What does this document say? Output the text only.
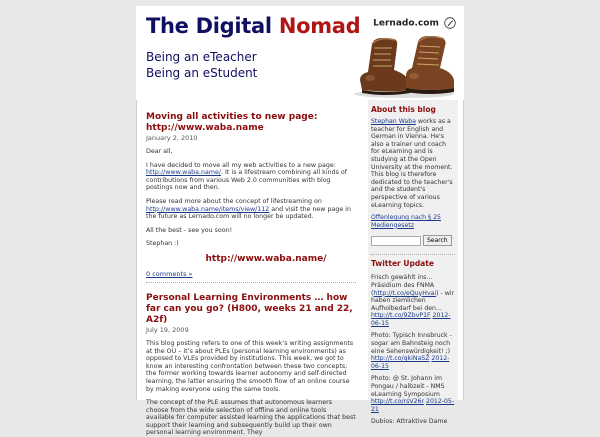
The Digital Nomad Lernado.com
Being an eTeacher
Being an eStudent
Moving all activities to new page: http://www.waba.name
January 2, 2010

Dear all,

I have decided to move all my web activities to a new page: http://www.waba.name/. It is a lifestream combining all kinds of contributions from various Web 2.0 communities with blog postings now and then.

Please read more about the concept of lifestreaming on http://www.waba.name/items/view/112 and visit the new page in the future as Lernado.com will no longer be updated.

All the best - see you soon!

Stephan :)

http://www.waba.name/
0 comments »
Personal Learning Environments … how far can you go? (H800, weeks 21 and 22, A2f)
July 19, 2009

This blog posting refers to one of this week’s writing assignments at the OU – it’s about PLEs (personal learning environments) as opposed to VLEs provided by institutions. This week, we got to know an interesting confrontation between these two concepts; the former working towards learner autonomy and self-directed learning, the latter ensuring the smooth flow of an online course by making everyone using the same tools.

The concept of the PLE assumes that autonomous learners choose from the wide selection of offline and online tools available for computer assisted learning the applications that best support their learning and subsequently build up their own personal learning environment. They

About this blog
Stephan Waba works as a teacher for English and German in Vienna. He's also a trainer und coach for eLearning and is studying at the Open University at the moment. This blog is therefore dedicated to the teacher's and the student's perspective of various eLearning topics.
Offenlegung nach § 25 Mediengesetz
Search
Twitter Update
Frisch gewählt ins... Präsidium des FNMA (http://t.co/eQuyHvai) - wir haben ziemlichen Aufholbedarf bei den... http://t.co/9ZbvP1F 2012-06-15
Photo: Typisch Innsbruck - sogar am Bahnsteig noch eine Sehenswürdigkeit! ;) http://t.co/qkiNaSZ 2012-06-15
Photo: @ St. Johann im Pongau / halbzeit - NMS eLearning Symposium http://t.co/rsV26r 2012-05-21
Dubios: Attraktive Dame
